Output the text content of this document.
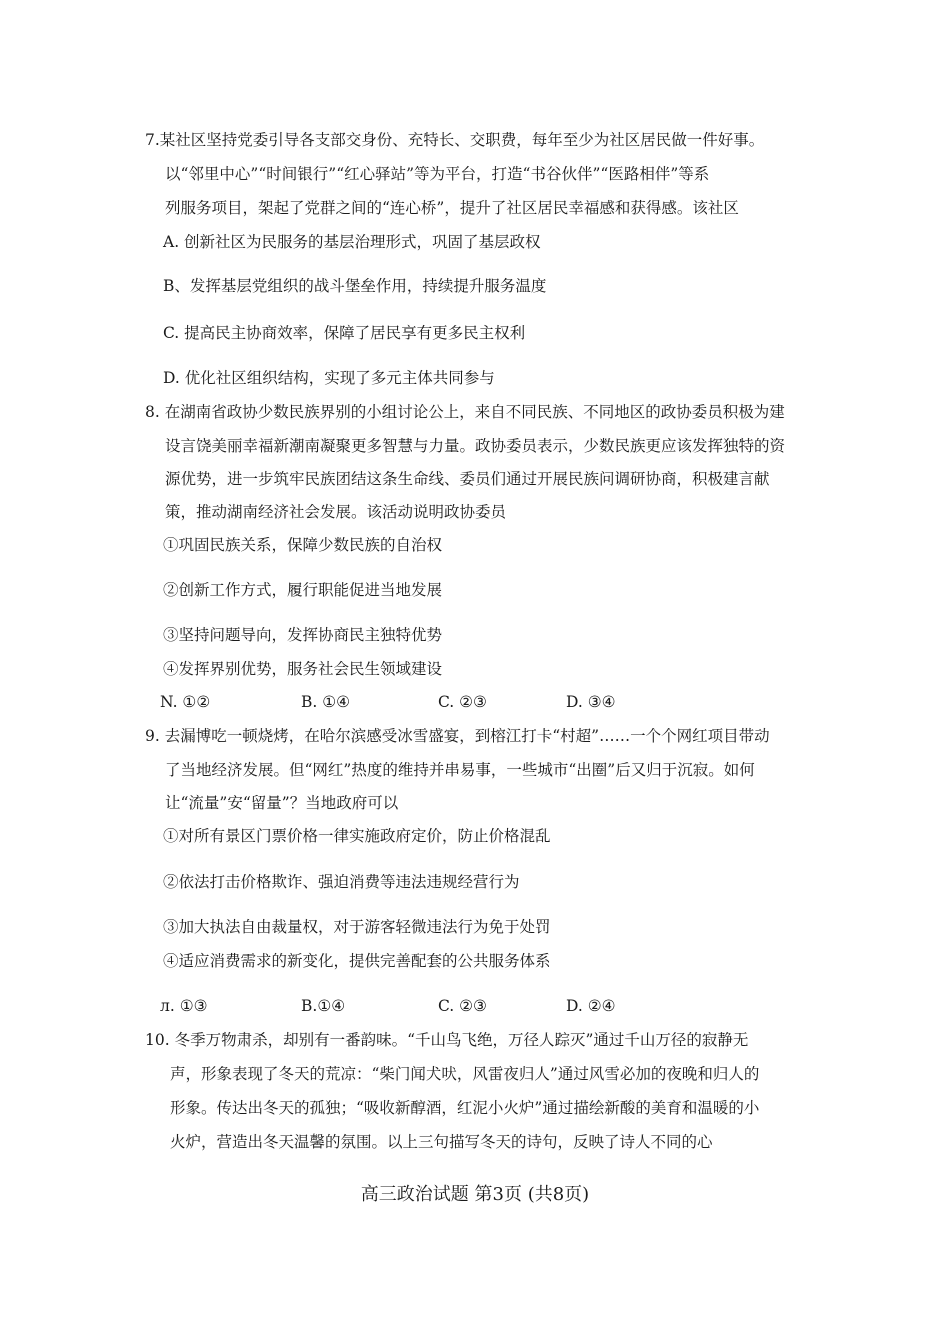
7.某社区坚持党委引导各支部交身份、充特长、交职费，每年至少为社区居民做一件好事。
以“邻里中心”“时间银行”“红心驿站”等为平台，打造“书谷伙伴”“医路相伴”等系
列服务项目，架起了党群之间的“连心桥”，提升了社区居民幸福感和获得感。该社区
A. 创新社区为民服务的基层治理形式，巩固了基层政权
B、发挥基层党组织的战斗堡垒作用，持续提升服务温度
C. 提高民主协商效率，保障了居民享有更多民主权利
D. 优化社区组织结构，实现了多元主体共同参与
8. 在湖南省政协少数民族界别的小组讨论公上，来自不同民族、不同地区的政协委员积极为建
设言饶美丽幸福新潮南凝聚更多智慧与力量。政协委员表示，少数民族更应该发挥独特的资
源优势，进一步筑牢民族团结这条生命线、委员们通过开展民族问调研协商，积极建言献
策，推动湖南经济社会发展。该活动说明政协委员
①巩固民族关系，保障少数民族的自治权
②创新工作方式，履行职能促进当地发展
③坚持问题导向，发挥协商民主独特优势
④发挥界别优势，服务社会民生领域建设
N. ①②	B. ①④	C. ②③	D. ③④
9. 去漏博吃一顿烧烤，在哈尔滨感受冰雪盛宴，到榕江打卡“村超”……一个个网红项目带动
了当地经济发展。但“网红”热度的维持并串易事，一些城市“出圈”后又归于沉寂。如何
让“流量”安“留量”？当地政府可以
①对所有景区门票价格一律实施政府定价，防止价格混乱
②依法打击价格欺诈、强迫消费等违法违规经营行为
③加大执法自由裁量权，对于游客轻微违法行为免于处罚
④适应消费需求的新变化，提供完善配套的公共服务体系
л. ①③	B.①④	C. ②③	D. ②④
10. 冬季万物肃杀，却别有一番韵味。“千山鸟飞绝，万径人踪灭”通过千山万径的寂静无
声，形象表现了冬天的荒凉：“柴门闻犬吠，风雷夜归人”通过风雪必加的夜晚和归人的
形象。传达出冬天的孤独；“吸收新醇酒，红泥小火炉”通过描绘新酸的美育和温暖的小
火炉，营造出冬天温馨的氛围。以上三句描写冬天的诗句，反映了诗人不同的心
高三政治试题 第3页 (共8页)
